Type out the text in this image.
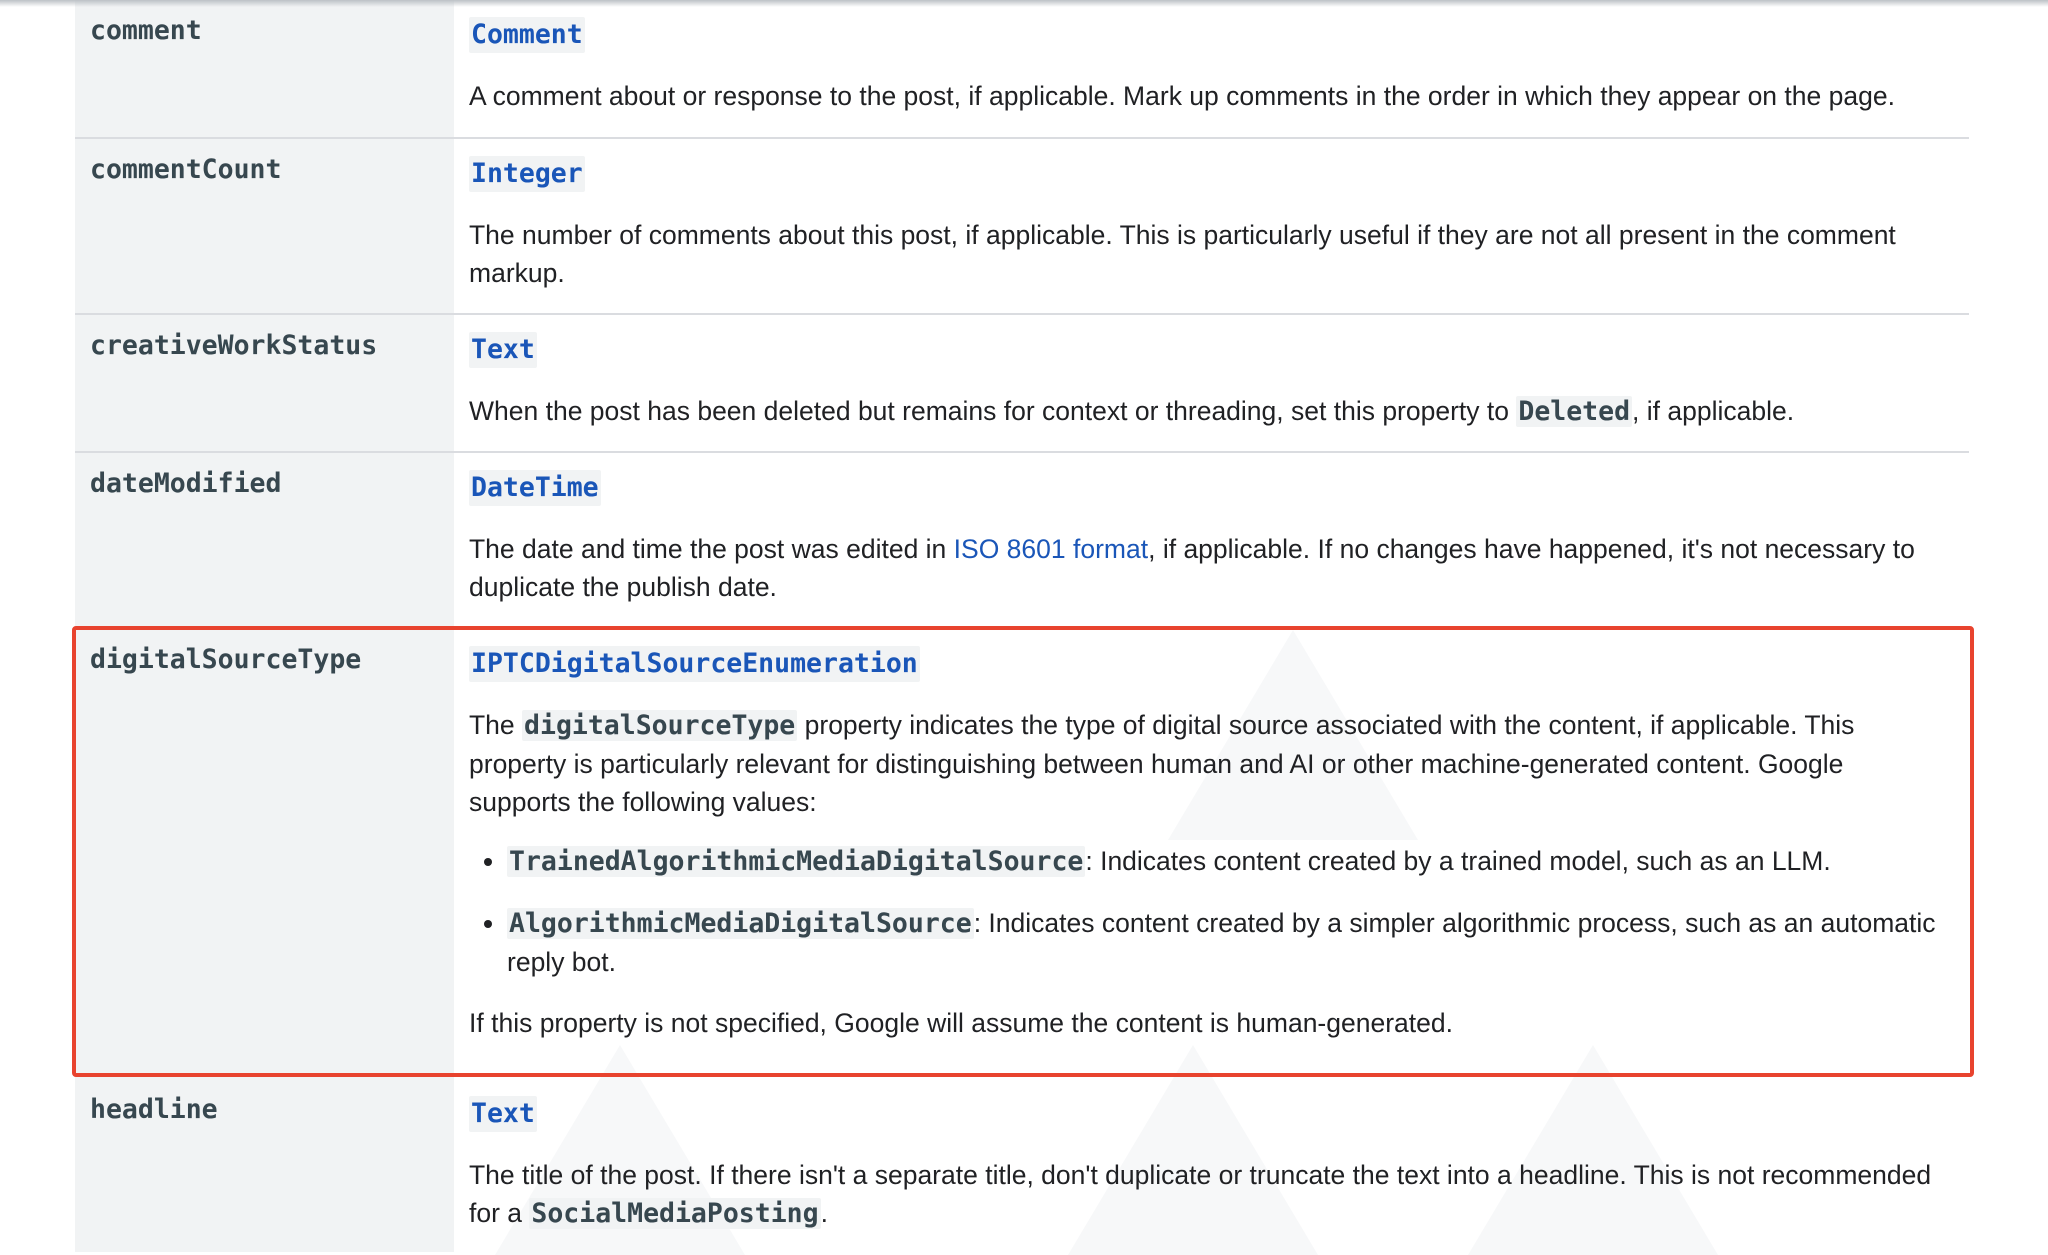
comment	Comment

A comment about or response to the post, if applicable. Mark up comments in the order in which they appear on the page.

commentCount	Integer

The number of comments about this post, if applicable. This is particularly useful if they are not all present in the comment markup.

creativeWorkStatus	Text

When the post has been deleted but remains for context or threading, set this property to Deleted, if applicable.

dateModified	DateTime

The date and time the post was edited in ISO 8601 format, if applicable. If no changes have happened, it's not necessary to duplicate the publish date.

digitalSourceType	IPTCDigitalSourceEnumeration

The digitalSourceType property indicates the type of digital source associated with the content, if applicable. This property is particularly relevant for distinguishing between human and AI or other machine-generated content. Google supports the following values:

• TrainedAlgorithmicMediaDigitalSource: Indicates content created by a trained model, such as an LLM.
• AlgorithmicMediaDigitalSource: Indicates content created by a simpler algorithmic process, such as an automatic reply bot.

If this property is not specified, Google will assume the content is human-generated.

headline	Text

The title of the post. If there isn't a separate title, don't duplicate or truncate the text into a headline. This is not recommended for a SocialMediaPosting.
